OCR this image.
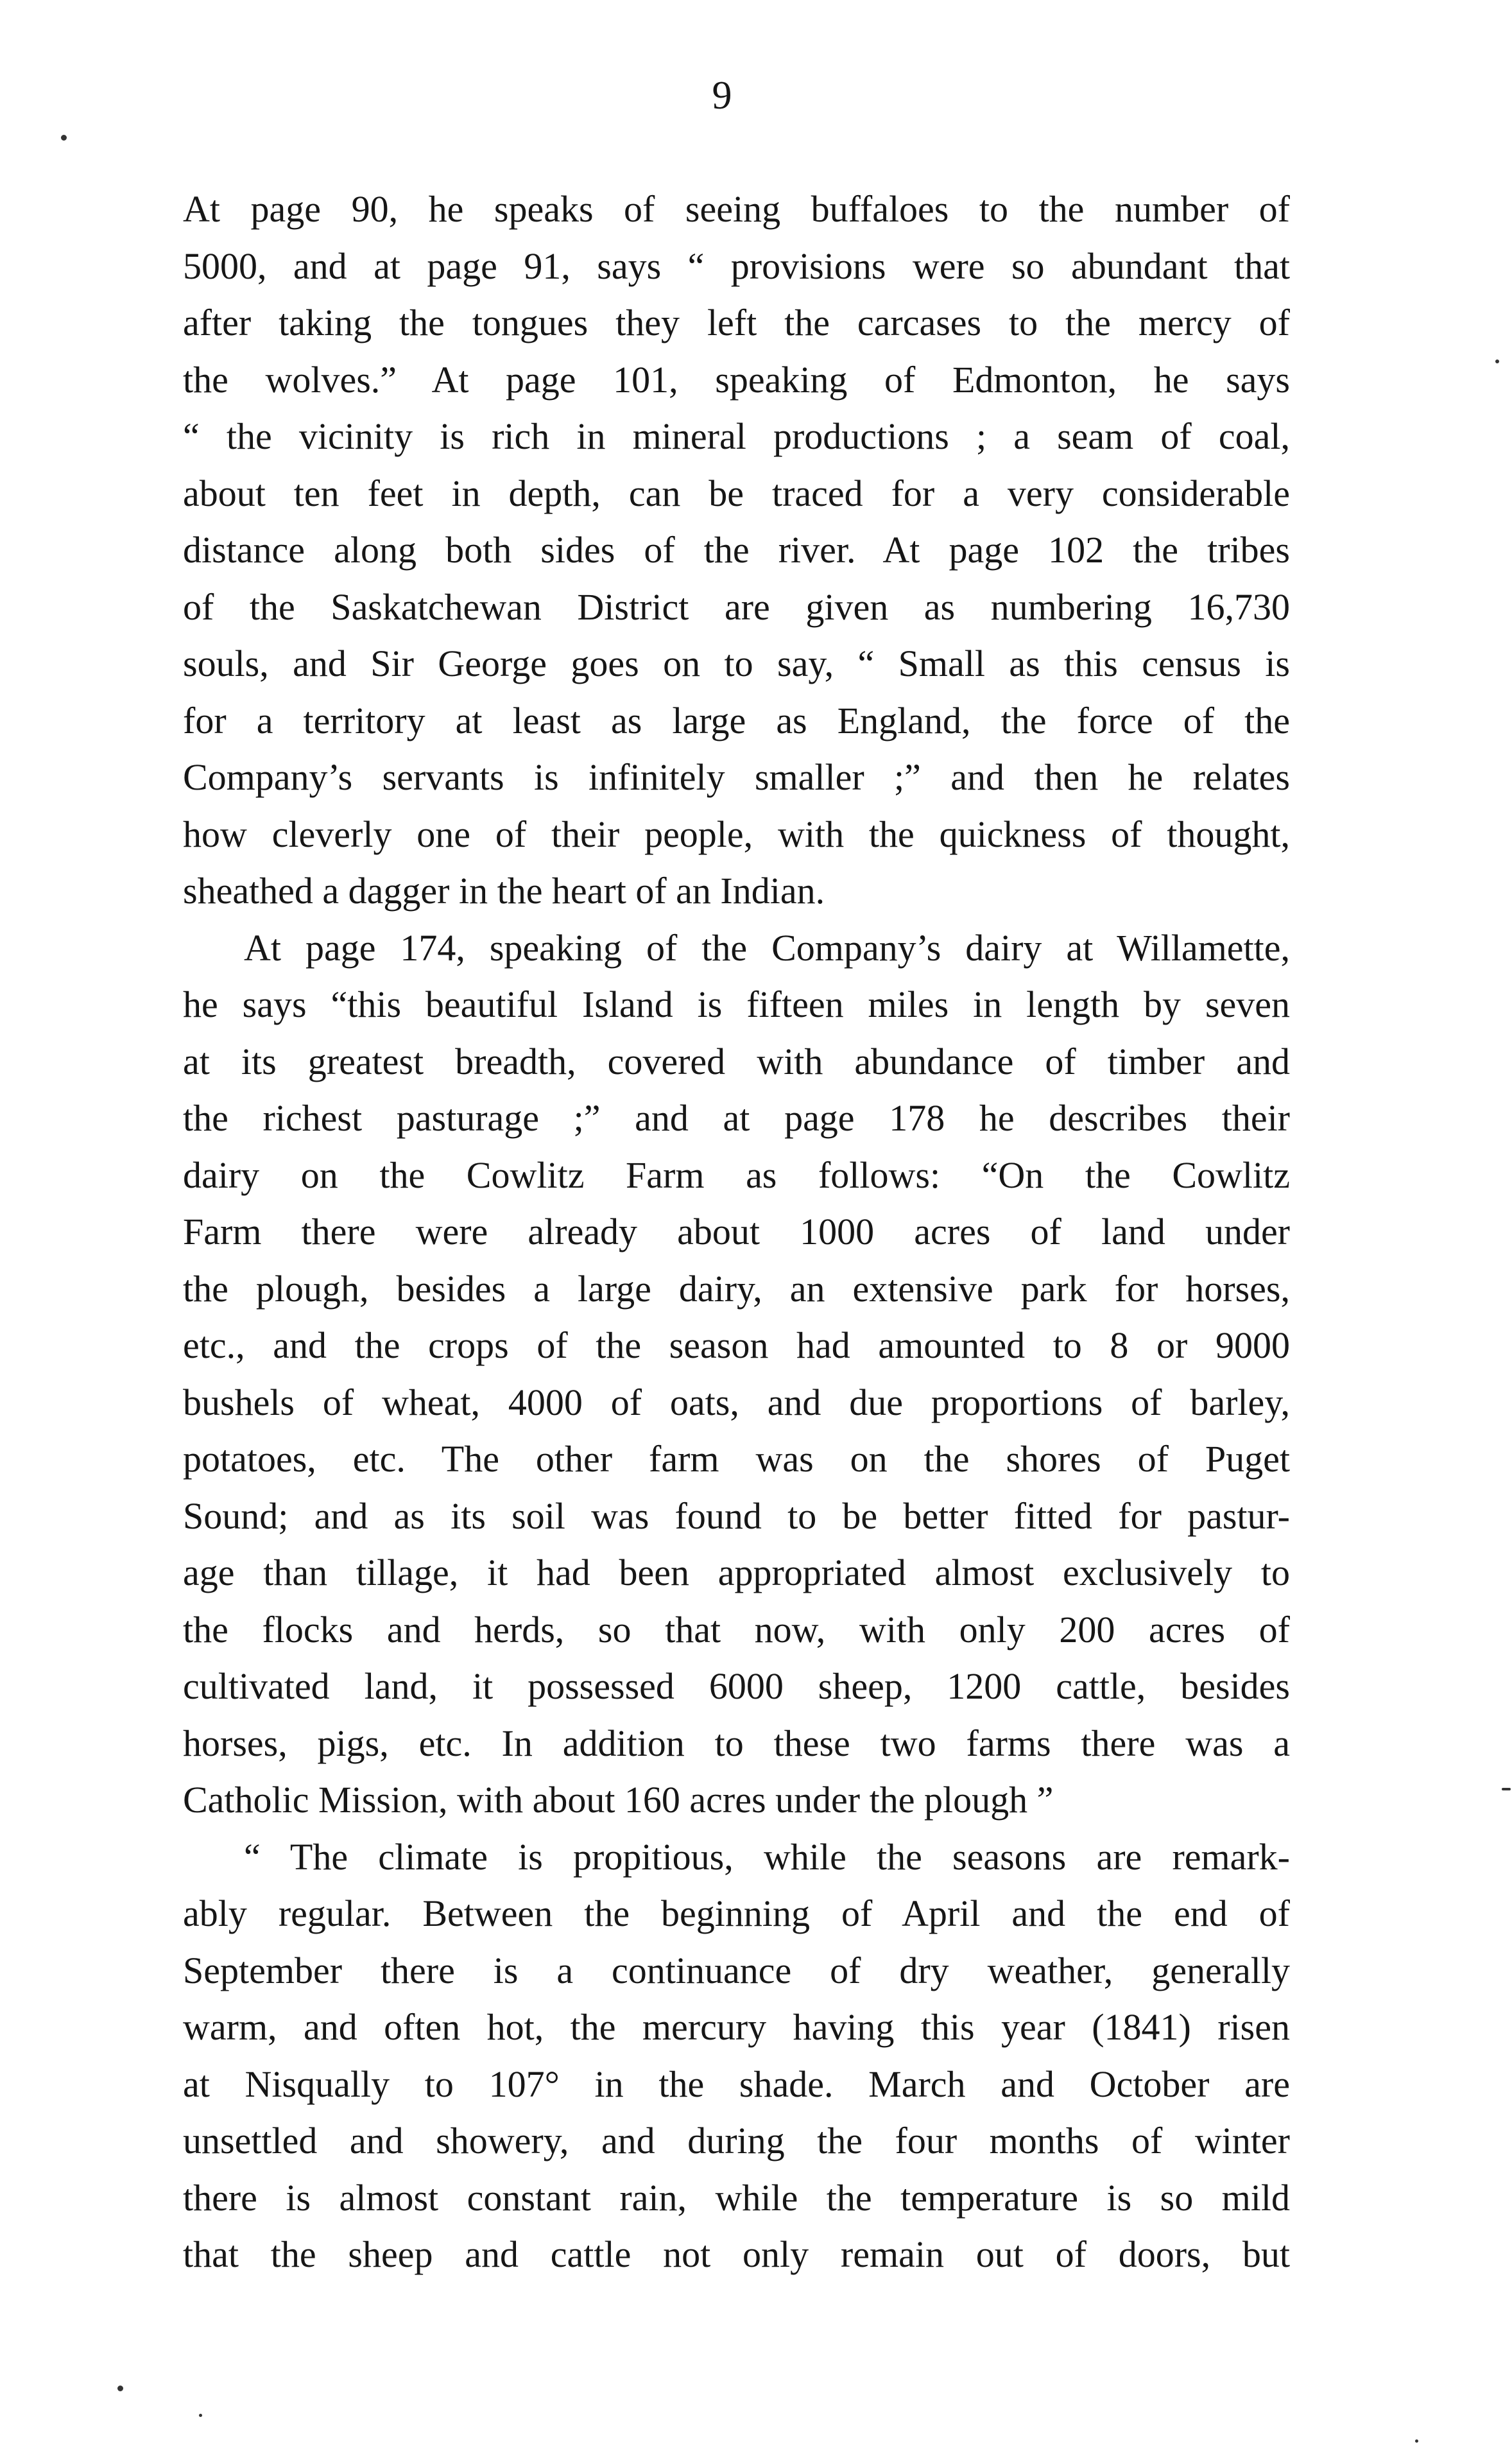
9
At page 90, he speaks of seeing buffaloes to the number of
5000, and at page 91, says “ provisions were so abundant that
after taking the tongues they left the carcases to the mercy of
the wolves.” At page 101, speaking of Edmonton, he says
“ the vicinity is rich in mineral productions ; a seam of coal,
about ten feet in depth, can be traced for a very considerable
distance along both sides of the river. At page 102 the tribes
of the Saskatchewan District are given as numbering 16,730
souls, and Sir George goes on to say, “ Small as this census is
for a territory at least as large as England, the force of the
Company’s servants is infinitely smaller ;” and then he relates
how cleverly one of their people, with the quickness of thought,
sheathed a dagger in the heart of an Indian.
At page 174, speaking of the Company’s dairy at Willamette,
he says “this beautiful Island is fifteen miles in length by seven
at its greatest breadth, covered with abundance of timber and
the richest pasturage ;” and at page 178 he describes their
dairy on the Cowlitz Farm as follows: “On the Cowlitz
Farm there were already about 1000 acres of land under
the plough, besides a large dairy, an extensive park for horses,
etc., and the crops of the season had amounted to 8 or 9000
bushels of wheat, 4000 of oats, and due proportions of barley,
potatoes, etc. The other farm was on the shores of Puget
Sound; and as its soil was found to be better fitted for pastur-
age than tillage, it had been appropriated almost exclusively to
the flocks and herds, so that now, with only 200 acres of
cultivated land, it possessed 6000 sheep, 1200 cattle, besides
horses, pigs, etc. In addition to these two farms there was a
Catholic Mission, with about 160 acres under the plough ”
“ The climate is propitious, while the seasons are remark-
ably regular. Between the beginning of April and the end of
September there is a continuance of dry weather, generally
warm, and often hot, the mercury having this year (1841) risen
at Nisqually to 107° in the shade. March and October are
unsettled and showery, and during the four months of winter
there is almost constant rain, while the temperature is so mild
that the sheep and cattle not only remain out of doors, but
